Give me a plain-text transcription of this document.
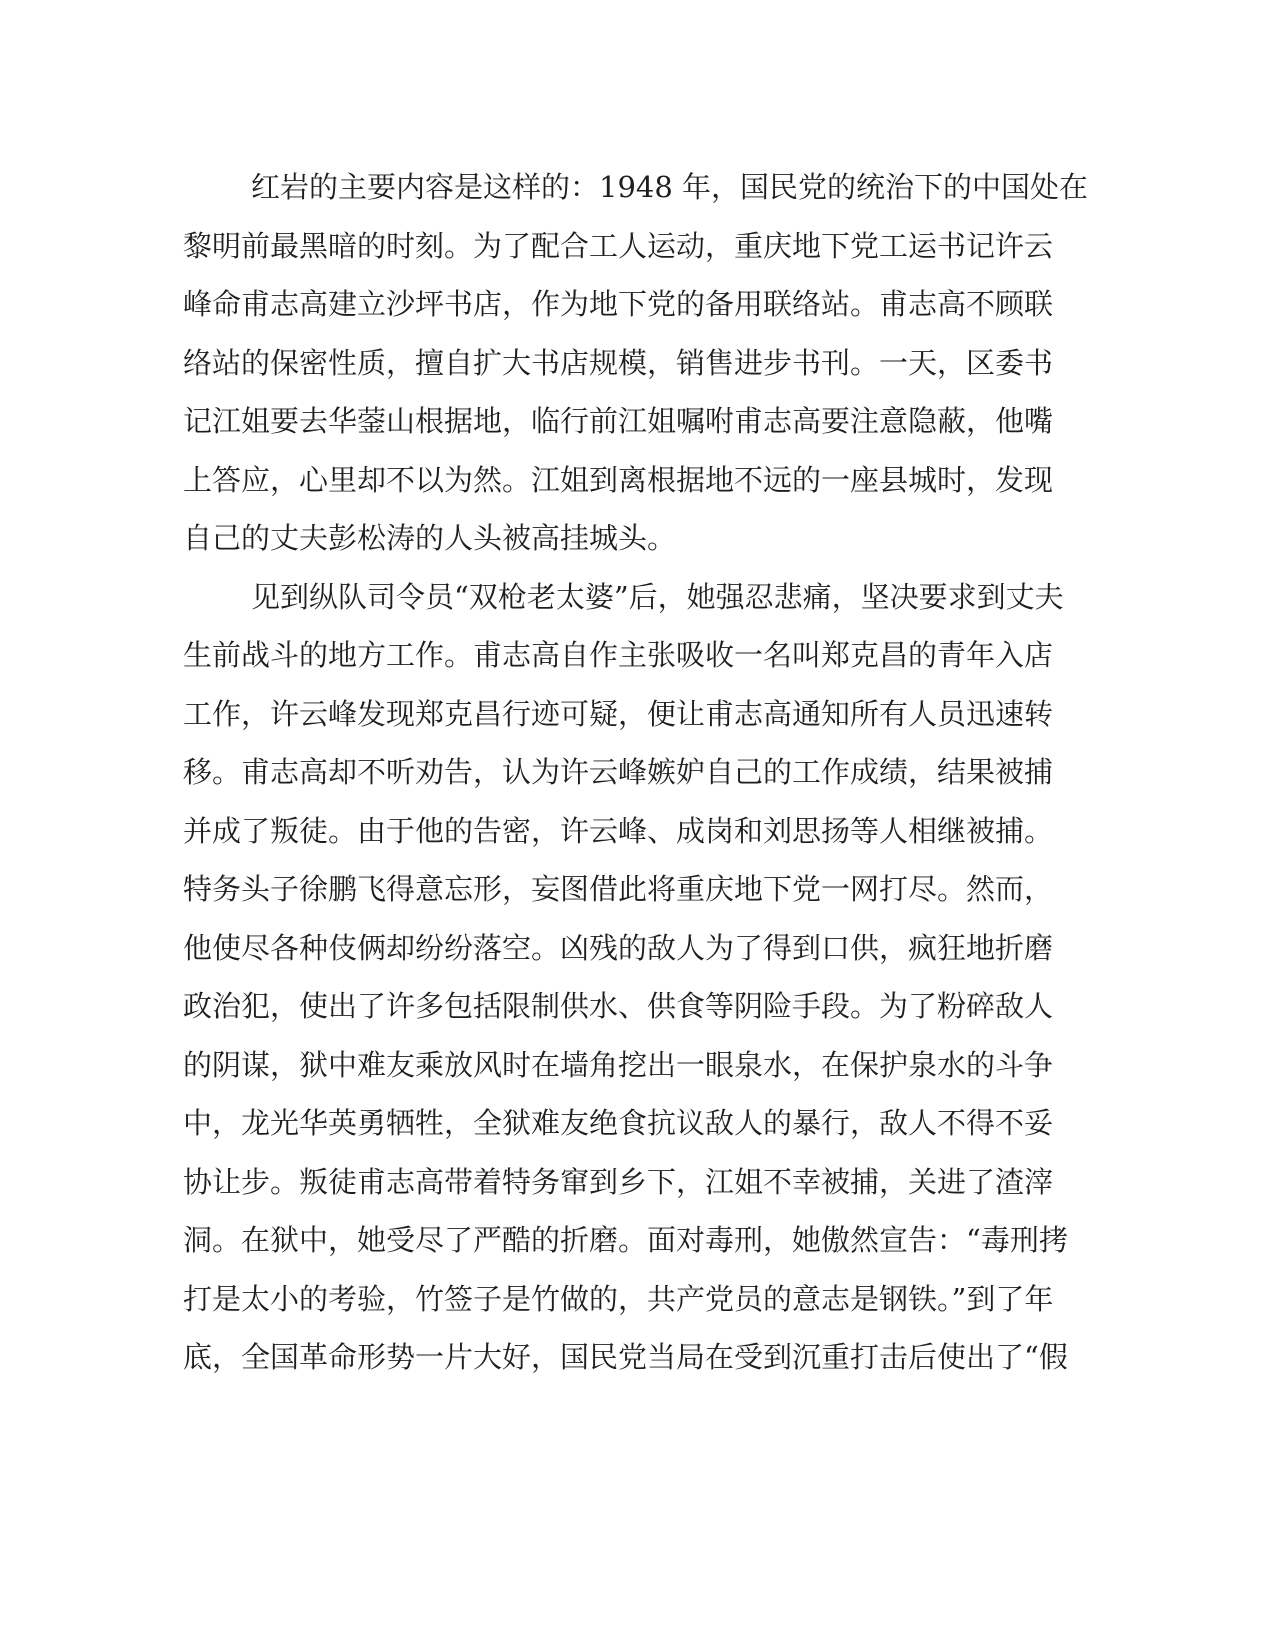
红岩的主要内容是这样的：1948 年，国民党的统治下的中国处在
黎明前最黑暗的时刻。为了配合工人运动，重庆地下党工运书记许云
峰命甫志高建立沙坪书店，作为地下党的备用联络站。甫志高不顾联
络站的保密性质，擅自扩大书店规模，销售进步书刊。一天，区委书
记江姐要去华蓥山根据地，临行前江姐嘱咐甫志高要注意隐蔽，他嘴
上答应，心里却不以为然。江姐到离根据地不远的一座县城时，发现
自己的丈夫彭松涛的人头被高挂城头。
见到纵队司令员“双枪老太婆”后，她强忍悲痛，坚决要求到丈夫
生前战斗的地方工作。甫志高自作主张吸收一名叫郑克昌的青年入店
工作，许云峰发现郑克昌行迹可疑，便让甫志高通知所有人员迅速转
移。甫志高却不听劝告，认为许云峰嫉妒自己的工作成绩，结果被捕
并成了叛徒。由于他的告密，许云峰、成岗和刘思扬等人相继被捕。
特务头子徐鹏飞得意忘形，妄图借此将重庆地下党一网打尽。然而，
他使尽各种伎俩却纷纷落空。凶残的敌人为了得到口供，疯狂地折磨
政治犯，使出了许多包括限制供水、供食等阴险手段。为了粉碎敌人
的阴谋，狱中难友乘放风时在墙角挖出一眼泉水，在保护泉水的斗争
中，龙光华英勇牺牲，全狱难友绝食抗议敌人的暴行，敌人不得不妥
协让步。叛徒甫志高带着特务窜到乡下，江姐不幸被捕，关进了渣滓
洞。在狱中，她受尽了严酷的折磨。面对毒刑，她傲然宣告：“毒刑拷
打是太小的考验，竹签子是竹做的，共产党员的意志是钢铁。”到了年
底，全国革命形势一片大好，国民党当局在受到沉重打击后使出了“假
